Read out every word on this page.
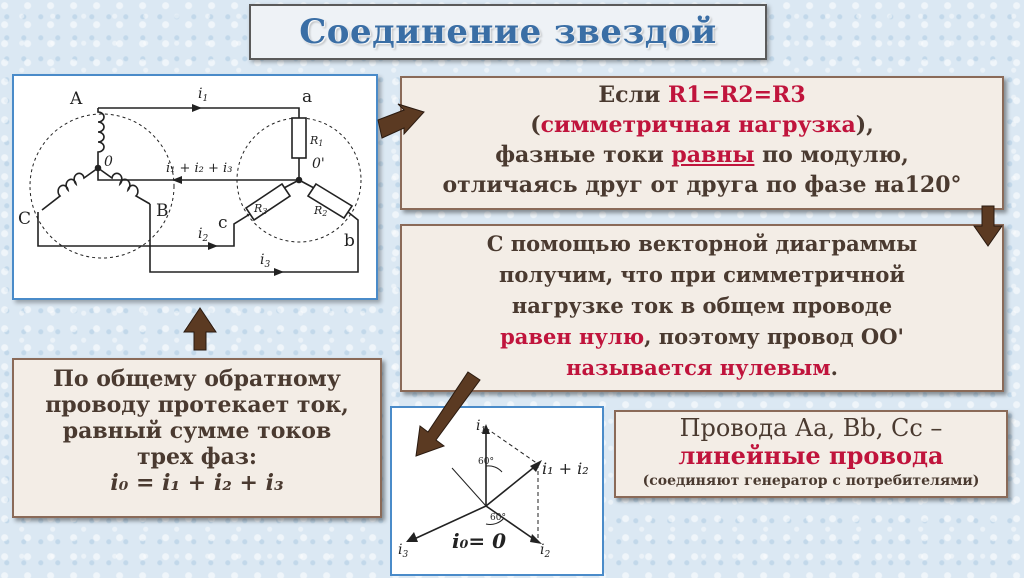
Соединение звездой
A	a
C	B
c
b
0	0'
$i_1$
i₁ + i₂ + i₃
$i_2$
$i_3$
R1
R2
R3
Если R1=R2=R3
(симметричная нагрузка),
фазные токи равны по модулю,
отличаясь друг от друга по фазе на120°
С помощью векторной диаграммы
получим, что при симметричной
нагрузке ток в общем проводе
равен нулю, поэтому провод ОО'
называется нулевым.
По общему обратному
проводу протекает ток,
равный сумме токов
трех фаз:
i₀ = i₁ + i₂ + i₃
$i_1$
i₁ + i₂
$i_2$
$i_3$
60°
60°
i₀= 0
Провода Аа, Вb, Сс –
линейные провода
(соединяют генератор с потребителями)
